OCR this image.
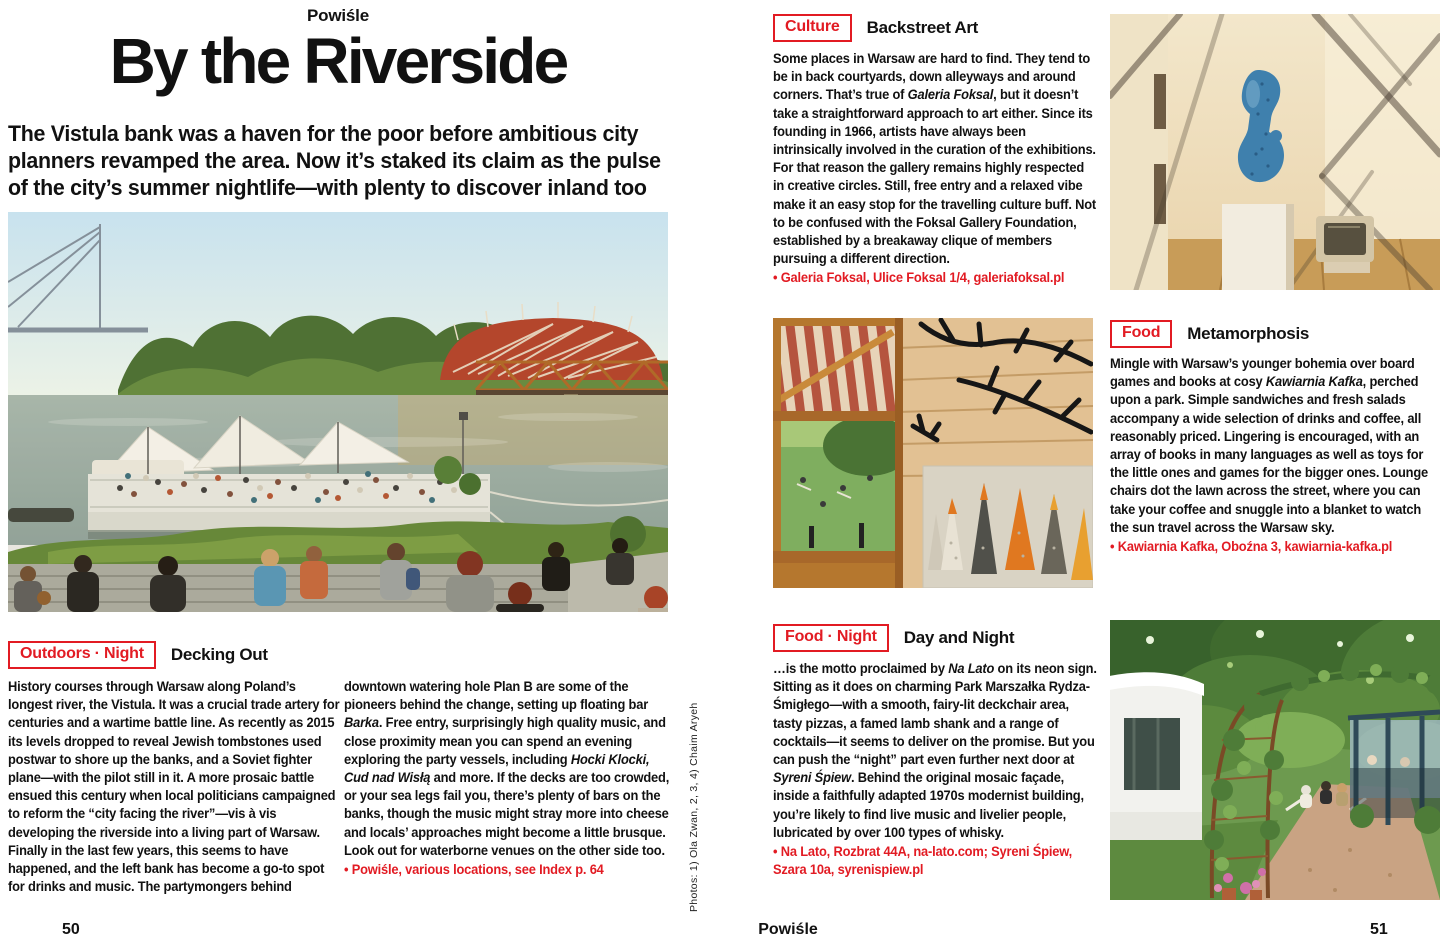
Powiśle
By the Riverside
The Vistula bank was a haven for the poor before ambitious city planners revamped the area. Now it’s staked its claim as the pulse of the city’s summer nightlife—with plenty to discover inland too
Outdoors · Night	Decking Out
History courses through Warsaw along Poland’s longest river, the Vistula. It was a crucial trade artery for centuries and a wartime battle line. As recently as 2015 its levels dropped to reveal Jewish tombstones used postwar to shore up the banks, and a Soviet fighter plane—with the pilot still in it. A more prosaic battle ensued this century when local politicians campaigned to reform the “city facing the river”—vis à vis developing the riverside into a living part of Warsaw. Finally in the last few years, this seems to have happened, and the left bank has become a go-to spot for drinks and music. The partymongers behind
downtown watering hole Plan B are some of the pioneers behind the change, setting up floating bar Barka. Free entry, surprisingly high quality music, and close proximity mean you can spend an evening exploring the party vessels, including Hocki Klocki, Cud nad Wisłą and more. If the decks are too crowded, or your sea legs fail you, there’s plenty of bars on the banks, though the music might stray more into cheese and locals’ approaches might become a little brusque. Look out for waterborne venues on the other side too.
• Powiśle, various locations, see Index p. 64	Photos: 1) Ola Zwan, 2, 3, 4) Chaim Aryeh
Culture	Backstreet Art
Some places in Warsaw are hard to find. They tend to be in back courtyards, down alleyways and around corners. That’s true of Galeria Foksal, but it doesn’t take a straightforward approach to art either. Since its founding in 1966, artists have always been intrinsically involved in the curation of the exhibitions. For that reason the gallery remains highly respected in creative circles. Still, free entry and a relaxed vibe make it an easy stop for the travelling culture buff. Not to be confused with the Foksal Gallery Foundation, established by a breakaway clique of members pursuing a different direction.
• Galeria Foksal, Ulice Foksal 1/4, galeriafoksal.pl
Food	Metamorphosis
Mingle with Warsaw’s younger bohemia over board games and books at cosy Kawiarnia Kafka, perched upon a park. Simple sandwiches and fresh salads accompany a wide selection of drinks and coffee, all reasonably priced. Lingering is encouraged, with an array of books in many languages as well as toys for the little ones and games for the bigger ones. Lounge chairs dot the lawn across the street, where you can take your coffee and snuggle into a blanket to watch the sun travel across the Warsaw sky.
• Kawiarnia Kafka, Oboźna 3, kawiarnia-kafka.pl
Food · Night	Day and Night
…is the motto proclaimed by Na Lato on its neon sign. Sitting as it does on charming Park Marszałka Rydza-Śmigłego—with a smooth, fairy-lit deckchair area, tasty pizzas, a famed lamb shank and a range of cocktails—it seems to deliver on the promise. But you can push the “night” part even further next door at Syreni Śpiew. Behind the original mosaic façade, inside a faithfully adapted 1970s modernist building, you’re likely to find live music and livelier people, lubricated by over 100 types of whisky.
• Na Lato, Rozbrat 44A, na-lato.com; Syreni Śpiew, Szara 10a, syrenispiew.pl
50	Powiśle	51
